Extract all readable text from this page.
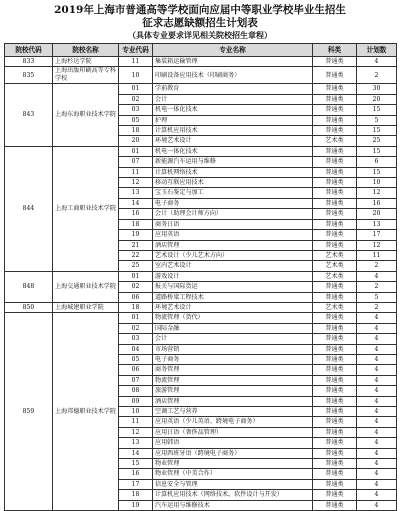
2019年上海市普通高等学校面向应届中等职业学校毕业生招生
征求志愿缺额招生计划表
（具体专业要求详见相关院校招生章程）
院校代码	院校名称	专业代码	专业名称	科类	计划数
833	上海杉达学院	11	集装箱运输管理	普通类	4
835	上海出版印刷高等专科学校	10	印刷设备应用技术（印刷商务）	普通类	2
843	上海东海职业技术学院	01	学前教育	普通类	30
		02	会计	普通类	20
		03	机电一体化技术	普通类	15
		05	护理	普通类	5
		18	计算机应用技术	普通类	15
		20	环境艺术设计	艺术类	25
844	上海工商职业技术学院	01	机电一体化技术	普通类	15
		07	新能源汽车运用与维修	普通类	6
		11	计算机网络技术	普通类	15
		12	移动互联应用技术	普通类	10
		13	宝玉石鉴定与加工	普通类	12
		14	电子商务	普通类	16
		16	会计（助理会计师方向）	普通类	20
		18	商务日语	普通类	13
		19	应用英语	普通类	17
		21	酒店管理	普通类	12
		22	艺术设计（少儿艺术方向）	艺术类	11
		25	室内艺术设计	艺术类	2
848	上海交通职业技术学院	01	游戏设计	艺术类	4
		02	报关与国际货运	普通类	2
		06	道路桥梁工程技术	普通类	5
850	上海城建职业学院	18	环境艺术设计	艺术类	2
859	上海邦德职业技术学院	01	物流管理（货代）	普通类	4
		02	国际金融	普通类	4
		03	会计	普通类	4
		04	市场营销	普通类	4
		05	电子商务	普通类	4
		06	商务管理	普通类	4
		07	物流管理	普通类	4
		08	旅游管理	普通类	4
		09	酒店管理	普通类	4
		10	空调工艺与营养	普通类	4
		11	应用英语（少儿英语、跨境电子商务）	普通类	4
		12	应用日语（奢侈品管理）	普通类	4
		13	应用韩语	普通类	4
		14	应用西班牙语（跨境电子商务）	普通类	4
		15	物业管理	普通类	4
		16	物业管理（中美合作）	普通类	4
		17	信息安全与管理	普通类	4
		18	计算机应用技术（网络技术、软件设计与开发）	普通类	4
		19	汽车运用与维修技术	普通类	4
